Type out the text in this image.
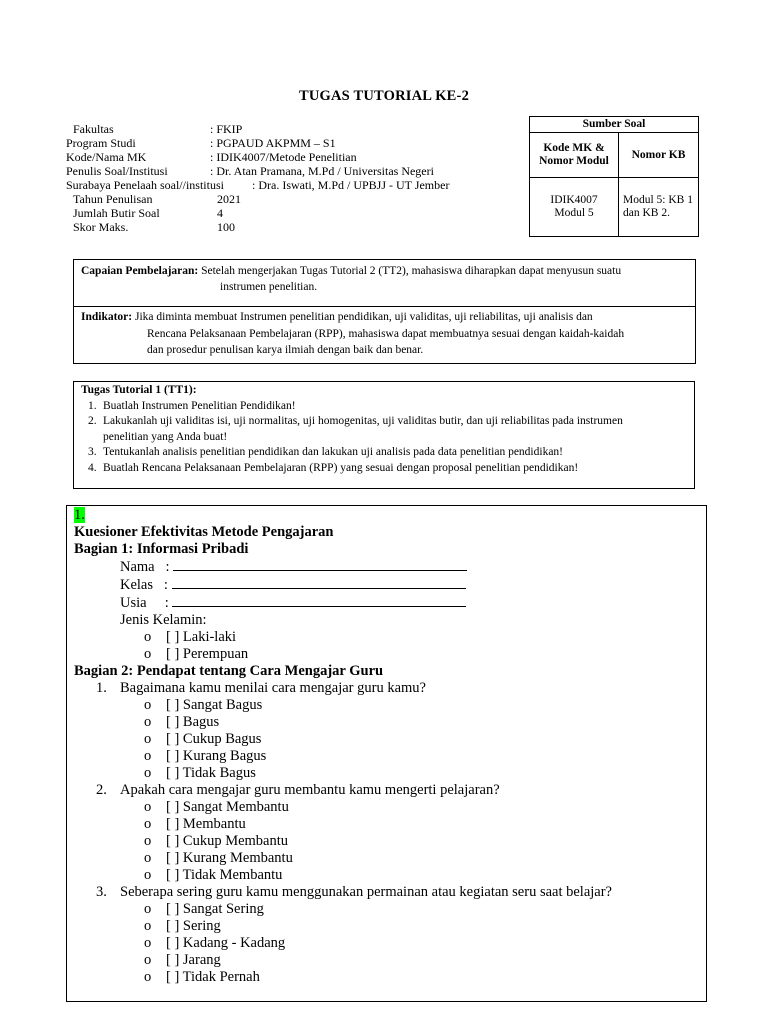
TUGAS TUTORIAL KE-2
Fakultas	: FKIP
Program Studi	: PGPAUD AKPMM – S1
Kode/Nama MK	: IDIK4007/Metode Penelitian
Penulis Soal/Institusi	: Dr. Atan Pramana, M.Pd / Universitas Negeri
Surabaya Penelaah soal//institusi : Dra. Iswati, M.Pd / UPBJJ - UT Jember
Tahun Penulisan	2021
Jumlah Butir Soal	4
Skor Maks.	100
Sumber Soal	
Kode MK & Nomor Modul	Nomor KB
IDIK4007 Modul 5	Modul 5: KB 1 dan KB 2.
Capaian Pembelajaran: Setelah mengerjakan Tugas Tutorial 2 (TT2), mahasiswa diharapkan dapat menyusun suatu
instrumen penelitian.
Indikator: Jika diminta membuat Instrumen penelitian pendidikan, uji validitas, uji reliabilitas, uji analisis dan
Rencana Pelaksanaan Pembelajaran (RPP), mahasiswa dapat membuatnya sesuai dengan kaidah-kaidah
dan prosedur penulisan karya ilmiah dengan baik dan benar.
Tugas Tutorial 1 (TT1):
1. Buatlah Instrumen Penelitian Pendidikan!
2. Lakukanlah uji validitas isi, uji normalitas, uji homogenitas, uji validitas butir, dan uji reliabilitas pada instrumen
penelitian yang Anda buat!
3. Tentukanlah analisis penelitian pendidikan dan lakukan uji analisis pada data penelitian pendidikan!
4. Buatlah Rencana Pelaksanaan Pembelajaran (RPP) yang sesuai dengan proposal penelitian pendidikan!
1.
Kuesioner Efektivitas Metode Pengajaran
Bagian 1: Informasi Pribadi
Nama   :
Kelas   :
Usia     :
Jenis Kelamin:
o [ ] Laki-laki
o [ ] Perempuan
Bagian 2: Pendapat tentang Cara Mengajar Guru
1. Bagaimana kamu menilai cara mengajar guru kamu?
o [ ] Sangat Bagus
o [ ] Bagus
o [ ] Cukup Bagus
o [ ] Kurang Bagus
o [ ] Tidak Bagus
2. Apakah cara mengajar guru membantu kamu mengerti pelajaran?
o [ ] Sangat Membantu
o [ ] Membantu
o [ ] Cukup Membantu
o [ ] Kurang Membantu
o [ ] Tidak Membantu
3. Seberapa sering guru kamu menggunakan permainan atau kegiatan seru saat belajar?
o [ ] Sangat Sering
o [ ] Sering
o [ ] Kadang - Kadang
o [ ] Jarang
o [ ] Tidak Pernah
